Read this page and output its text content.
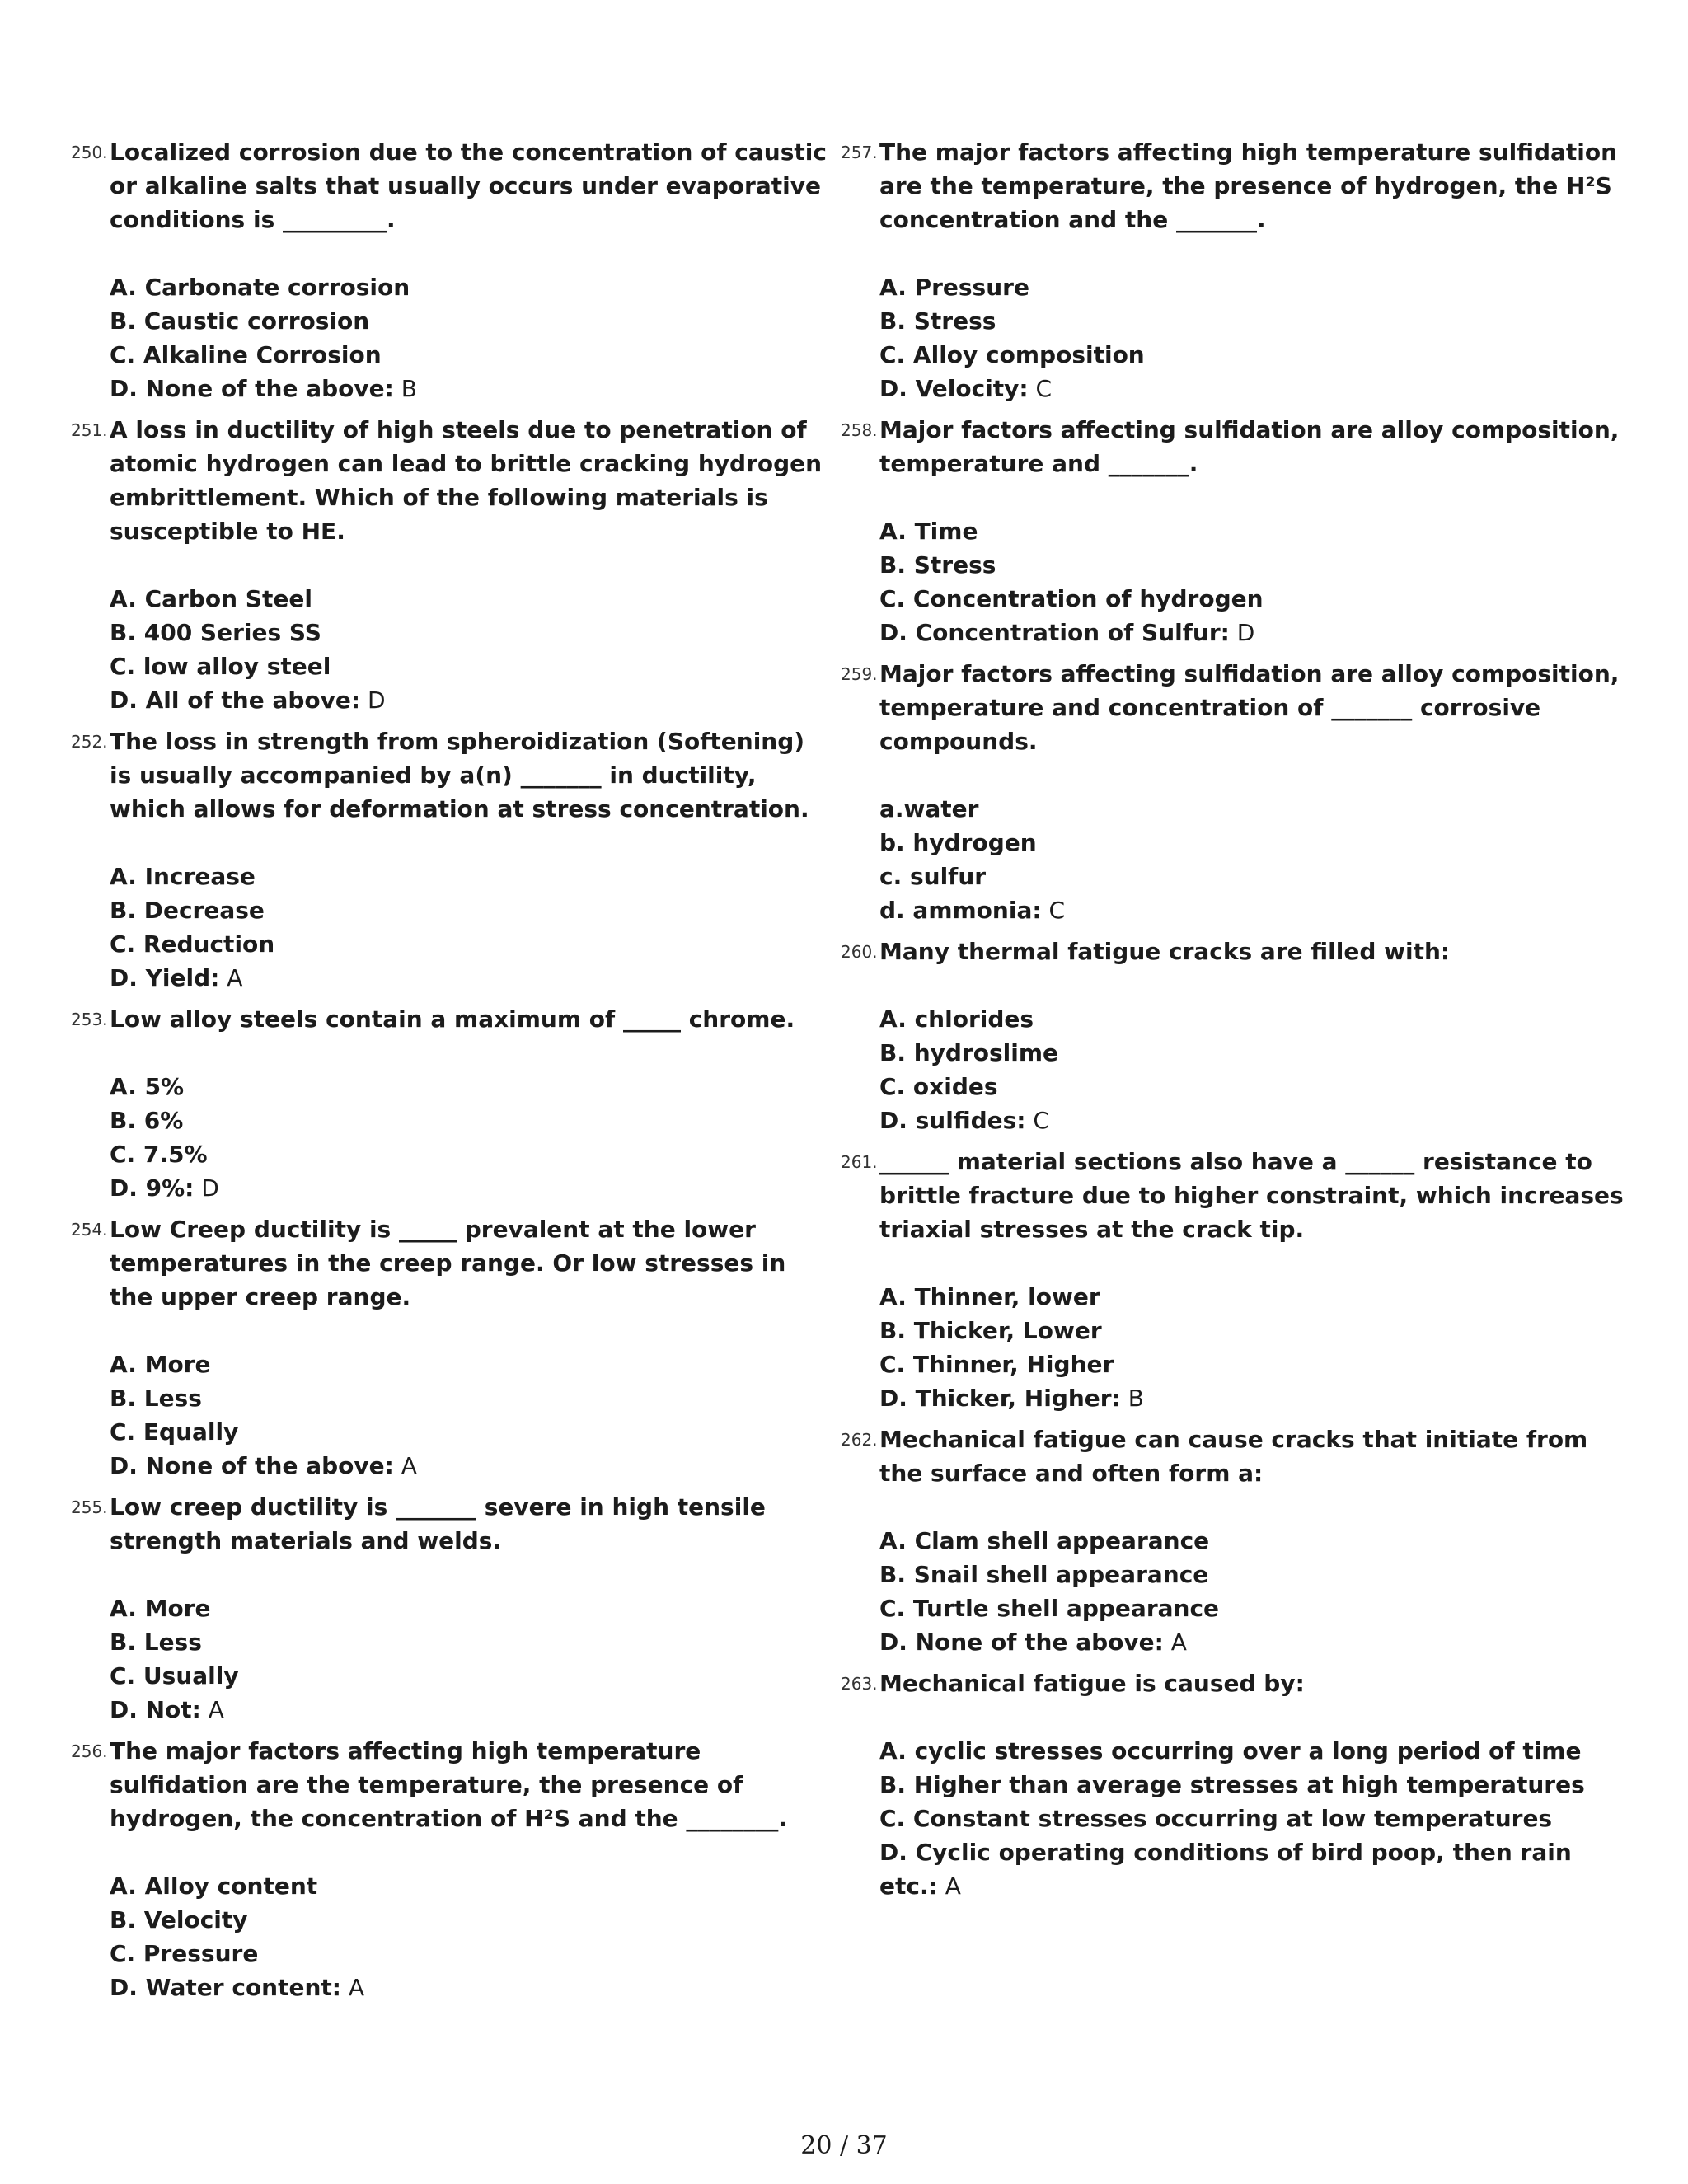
250. Localized corrosion due to the concentration of caustic or alkaline salts that usually occurs under evaporative conditions is _________.

A. Carbonate corrosion
B. Caustic corrosion
C. Alkaline Corrosion
D. None of the above: B
251. A loss in ductility of high steels due to penetration of atomic hydrogen can lead to brittle cracking hydrogen embrittlement. Which of the following materials is susceptible to HE.

A. Carbon Steel
B. 400 Series SS
C. low alloy steel
D. All of the above: D
252. The loss in strength from spheroidization (Softening) is usually accompanied by a(n) _______ in ductility, which allows for deformation at stress concentration.

A. Increase
B. Decrease
C. Reduction
D. Yield: A
253. Low alloy steels contain a maximum of _____ chrome.

A. 5%
B. 6%
C. 7.5%
D. 9%: D
254. Low Creep ductility is _____ prevalent at the lower temperatures in the creep range. Or low stresses in the upper creep range.

A. More
B. Less
C. Equally
D. None of the above: A
255. Low creep ductility is _______ severe in high tensile strength materials and welds.

A. More
B. Less
C. Usually
D. Not: A
256. The major factors affecting high temperature sulfidation are the temperature, the presence of hydrogen, the concentration of H²S and the ________.

A. Alloy content
B. Velocity
C. Pressure
D. Water content: A
257. The major factors affecting high temperature sulfidation are the temperature, the presence of hydrogen, the H²S concentration and the _______.

A. Pressure
B. Stress
C. Alloy composition
D. Velocity: C
258. Major factors affecting sulfidation are alloy composition, temperature and _______.

A. Time
B. Stress
C. Concentration of hydrogen
D. Concentration of Sulfur: D
259. Major factors affecting sulfidation are alloy composition, temperature and concentration of _______ corrosive compounds.

a.water
b. hydrogen
c. sulfur
d. ammonia: C
260. Many thermal fatigue cracks are filled with:

A. chlorides
B. hydroslime
C. oxides
D. sulfides: C
261. ______ material sections also have a ______ resistance to brittle fracture due to higher constraint, which increases triaxial stresses at the crack tip.

A. Thinner, lower
B. Thicker, Lower
C. Thinner, Higher
D. Thicker, Higher: B
262. Mechanical fatigue can cause cracks that initiate from the surface and often form a:

A. Clam shell appearance
B. Snail shell appearance
C. Turtle shell appearance
D. None of the above: A
263. Mechanical fatigue is caused by:

A. cyclic stresses occurring over a long period of time
B. Higher than average stresses at high temperatures
C. Constant stresses occurring at low temperatures
D. Cyclic operating conditions of bird poop, then rain etc.: A
20 / 37
